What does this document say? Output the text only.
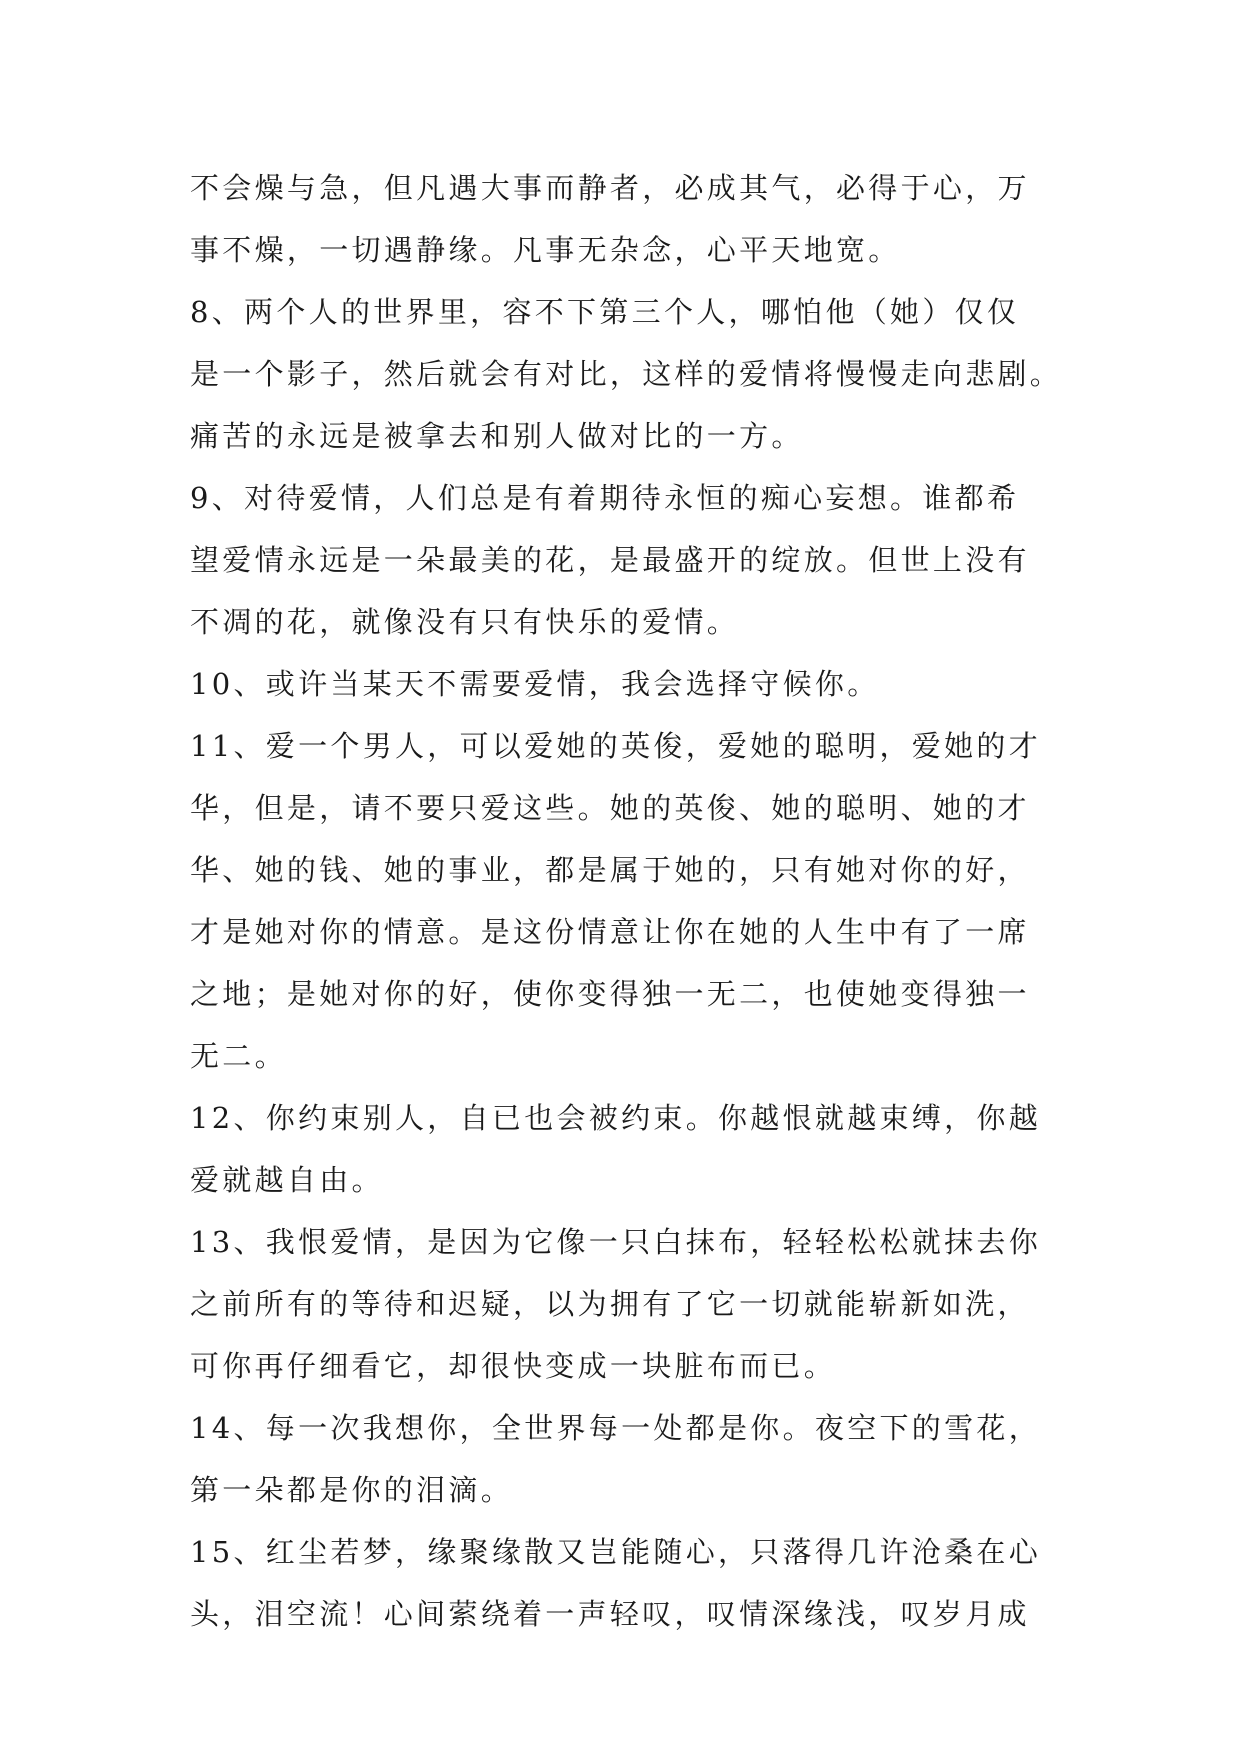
不会燥与急，但凡遇大事而静者，必成其气，必得于心，万
事不燥，一切遇静缘。凡事无杂念，心平天地宽。
8、两个人的世界里，容不下第三个人，哪怕他（她）仅仅
是一个影子，然后就会有对比，这样的爱情将慢慢走向悲剧。
痛苦的永远是被拿去和别人做对比的一方。
9、对待爱情，人们总是有着期待永恒的痴心妄想。谁都希
望爱情永远是一朵最美的花，是最盛开的绽放。但世上没有
不凋的花，就像没有只有快乐的爱情。
10、或许当某天不需要爱情，我会选择守候你。
11、爱一个男人，可以爱她的英俊，爱她的聪明，爱她的才
华，但是，请不要只爱这些。她的英俊、她的聪明、她的才
华、她的钱、她的事业，都是属于她的，只有她对你的好，
才是她对你的情意。是这份情意让你在她的人生中有了一席
之地；是她对你的好，使你变得独一无二，也使她变得独一
无二。
12、你约束别人，自已也会被约束。你越恨就越束缚，你越
爱就越自由。
13、我恨爱情，是因为它像一只白抹布，轻轻松松就抹去你
之前所有的等待和迟疑，以为拥有了它一切就能崭新如洗，
可你再仔细看它，却很快变成一块脏布而已。
14、每一次我想你，全世界每一处都是你。夜空下的雪花，
第一朵都是你的泪滴。
15、红尘若梦，缘聚缘散又岂能随心，只落得几许沧桑在心
头，泪空流！心间萦绕着一声轻叹，叹情深缘浅，叹岁月成
